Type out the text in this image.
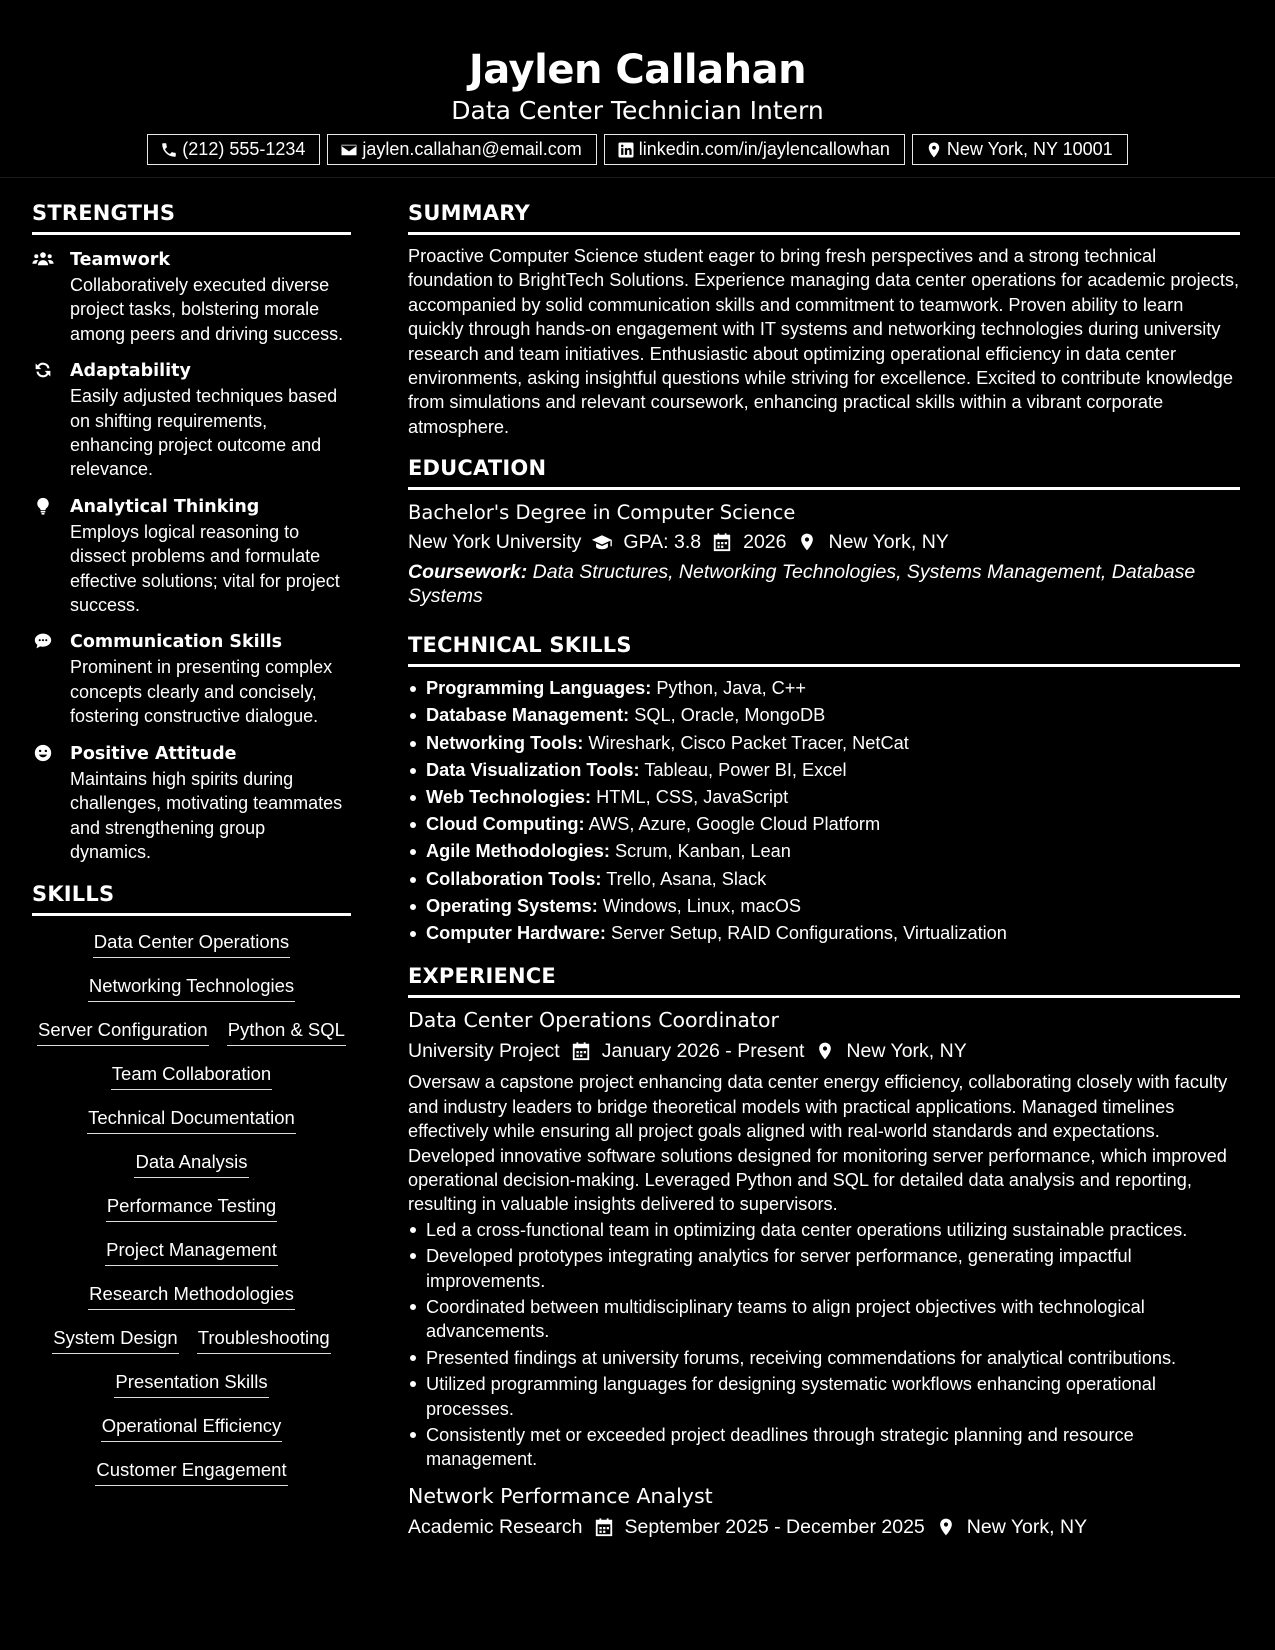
Jaylen Callahan
Data Center Technician Intern
(212) 555-1234	jaylen.callahan@email.com	linkedin.com/in/jaylencallowhan	New York, NY 10001
STRENGTHS
Teamwork
Collaboratively executed diverse project tasks, bolstering morale among peers and driving success.
Adaptability
Easily adjusted techniques based on shifting requirements, enhancing project outcome and relevance.
Analytical Thinking
Employs logical reasoning to dissect problems and formulate effective solutions; vital for project success.
Communication Skills
Prominent in presenting complex concepts clearly and concisely, fostering constructive dialogue.
Positive Attitude
Maintains high spirits during challenges, motivating teammates and strengthening group dynamics.
SKILLS
Data Center Operations
Networking Technologies
Server Configuration Python & SQL
Team Collaboration
Technical Documentation
Data Analysis
Performance Testing
Project Management
Research Methodologies
System Design Troubleshooting
Presentation Skills
Operational Efficiency
Customer Engagement
SUMMARY
Proactive Computer Science student eager to bring fresh perspectives and a strong technical foundation to BrightTech Solutions. Experience managing data center operations for academic projects, accompanied by solid communication skills and commitment to teamwork. Proven ability to learn quickly through hands-on engagement with IT systems and networking technologies during university research and team initiatives. Enthusiastic about optimizing operational efficiency in data center environments, asking insightful questions while striving for excellence. Excited to contribute knowledge from simulations and relevant coursework, enhancing practical skills within a vibrant corporate atmosphere.
EDUCATION
Bachelor's Degree in Computer Science
New York University GPA: 3.8 2026 New York, NY
Coursework: Data Structures, Networking Technologies, Systems Management, Database Systems
TECHNICAL SKILLS
Programming Languages: Python, Java, C++
Database Management: SQL, Oracle, MongoDB
Networking Tools: Wireshark, Cisco Packet Tracer, NetCat
Data Visualization Tools: Tableau, Power BI, Excel
Web Technologies: HTML, CSS, JavaScript
Cloud Computing: AWS, Azure, Google Cloud Platform
Agile Methodologies: Scrum, Kanban, Lean
Collaboration Tools: Trello, Asana, Slack
Operating Systems: Windows, Linux, macOS
Computer Hardware: Server Setup, RAID Configurations, Virtualization
EXPERIENCE
Data Center Operations Coordinator
University Project January 2026 - Present New York, NY
Oversaw a capstone project enhancing data center energy efficiency, collaborating closely with faculty and industry leaders to bridge theoretical models with practical applications. Managed timelines effectively while ensuring all project goals aligned with real-world standards and expectations. Developed innovative software solutions designed for monitoring server performance, which improved operational decision-making. Leveraged Python and SQL for detailed data analysis and reporting, resulting in valuable insights delivered to supervisors.
Led a cross-functional team in optimizing data center operations utilizing sustainable practices.
Developed prototypes integrating analytics for server performance, generating impactful improvements.
Coordinated between multidisciplinary teams to align project objectives with technological advancements.
Presented findings at university forums, receiving commendations for analytical contributions.
Utilized programming languages for designing systematic workflows enhancing operational processes.
Consistently met or exceeded project deadlines through strategic planning and resource management.
Network Performance Analyst
Academic Research September 2025 - December 2025 New York, NY
